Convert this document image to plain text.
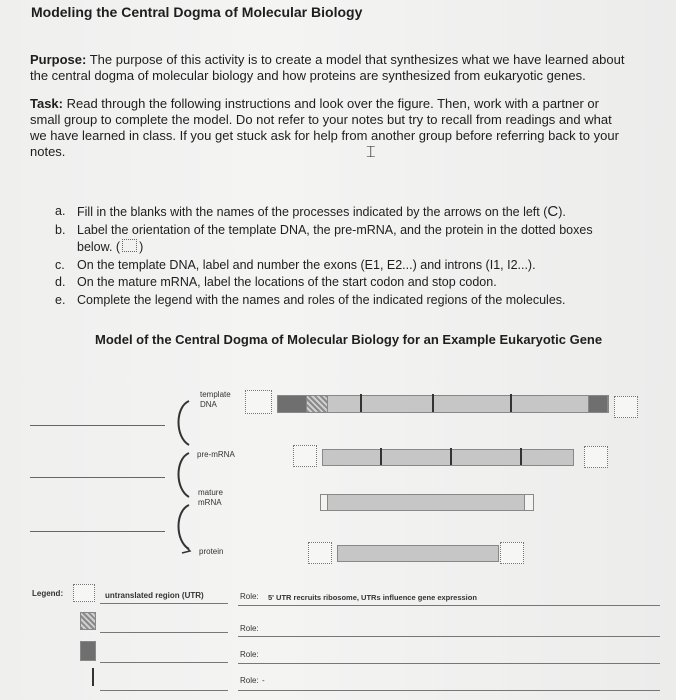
Modeling the Central Dogma of Molecular Biology
Purpose: The purpose of this activity is to create a model that synthesizes what we have learned about
the central dogma of molecular biology and how proteins are synthesized from eukaryotic genes.
Task: Read through the following instructions and look over the figure. Then, work with a partner or
small group to complete the model. Do not refer to your notes but try to recall from readings and what
we have learned in class. If you get stuck ask for help from another group before referring back to your
notes.	⌶
a. Fill in the blanks with the names of the processes indicated by the arrows on the left (C).
b. Label the orientation of the template DNA, the pre-mRNA, and the protein in the dotted boxes
below. ( )
c. On the template DNA, label and number the exons (E1, E2...) and introns (I1, I2...).
d. On the mature mRNA, label the locations of the start codon and stop codon.
e. Complete the legend with the names and roles of the indicated regions of the molecules.
Model of the Central Dogma of Molecular Biology for an Example Eukaryotic Gene
template
DNA
pre-mRNA
mature
mRNA
protein
Legend:	untranslated region (UTR)	Role: 5' UTR recruits ribosome, UTRs influence gene expression
Role:
Role:
Role: -
